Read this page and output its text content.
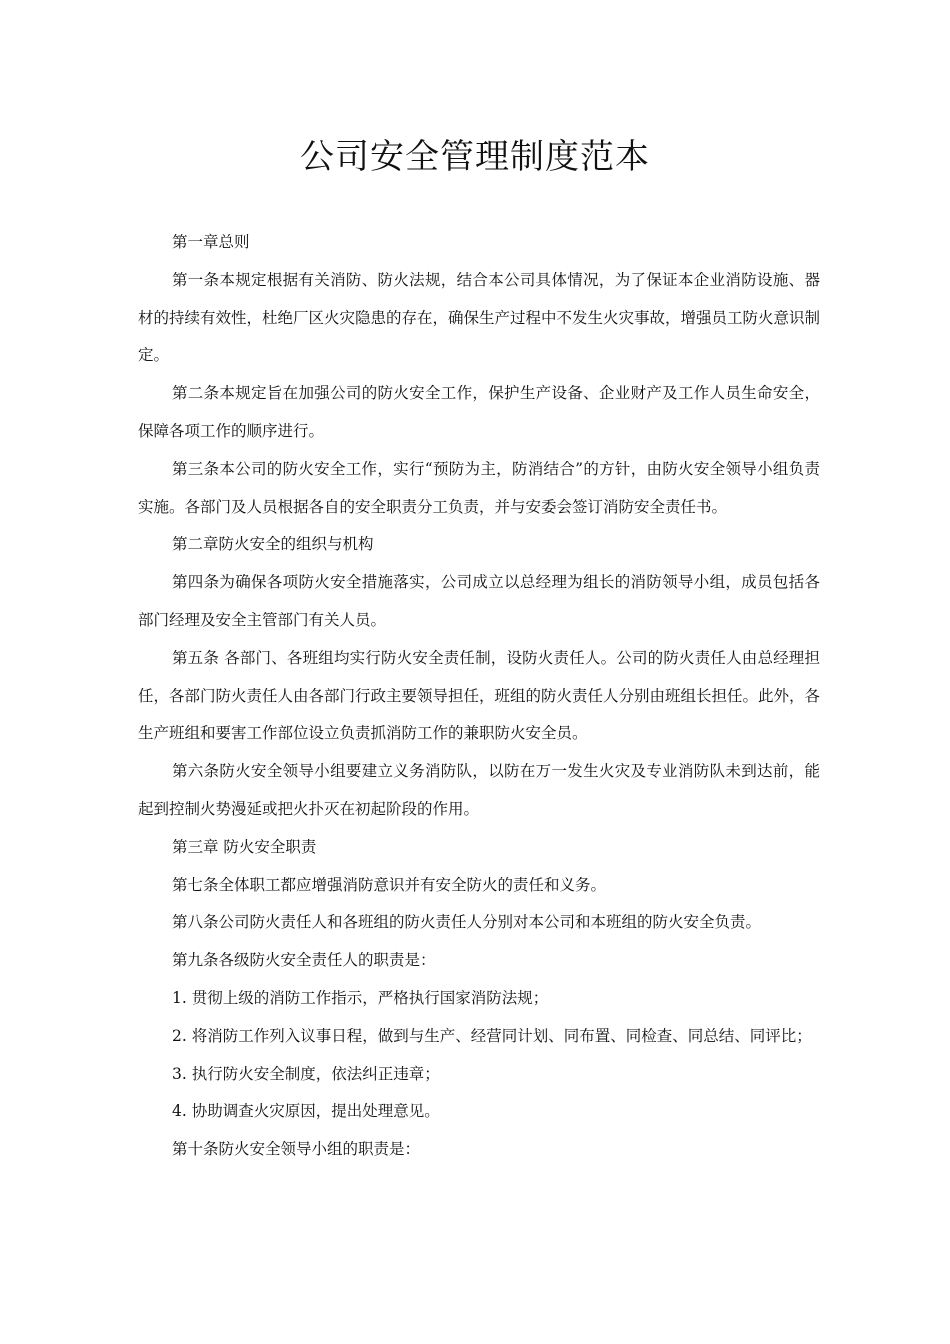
公司安全管理制度范本

第一章总则

第一条本规定根据有关消防、防火法规，结合本公司具体情况，为了保证本企业消防设施、器材的持续有效性，杜绝厂区火灾隐患的存在，确保生产过程中不发生火灾事故，增强员工防火意识制定。

第二条本规定旨在加强公司的防火安全工作，保护生产设备、企业财产及工作人员生命安全，保障各项工作的顺序进行。

第三条本公司的防火安全工作，实行“预防为主，防消结合”的方针，由防火安全领导小组负责实施。各部门及人员根据各自的安全职责分工负责，并与安委会签订消防安全责任书。

第二章防火安全的组织与机构

第四条为确保各项防火安全措施落实，公司成立以总经理为组长的消防领导小组，成员包括各部门经理及安全主管部门有关人员。

第五条 各部门、各班组均实行防火安全责任制，设防火责任人。公司的防火责任人由总经理担任，各部门防火责任人由各部门行政主要领导担任，班组的防火责任人分别由班组长担任。此外，各生产班组和要害工作部位设立负责抓消防工作的兼职防火安全员。

第六条防火安全领导小组要建立义务消防队，以防在万一发生火灾及专业消防队未到达前，能起到控制火势漫延或把火扑灭在初起阶段的作用。

第三章 防火安全职责

第七条全体职工都应增强消防意识并有安全防火的责任和义务。

第八条公司防火责任人和各班组的防火责任人分别对本公司和本班组的防火安全负责。

第九条各级防火安全责任人的职责是：

1. 贯彻上级的消防工作指示，严格执行国家消防法规；

2. 将消防工作列入议事日程，做到与生产、经营同计划、同布置、同检查、同总结、同评比；

3. 执行防火安全制度，依法纠正违章；

4. 协助调查火灾原因，提出处理意见。

第十条防火安全领导小组的职责是：
